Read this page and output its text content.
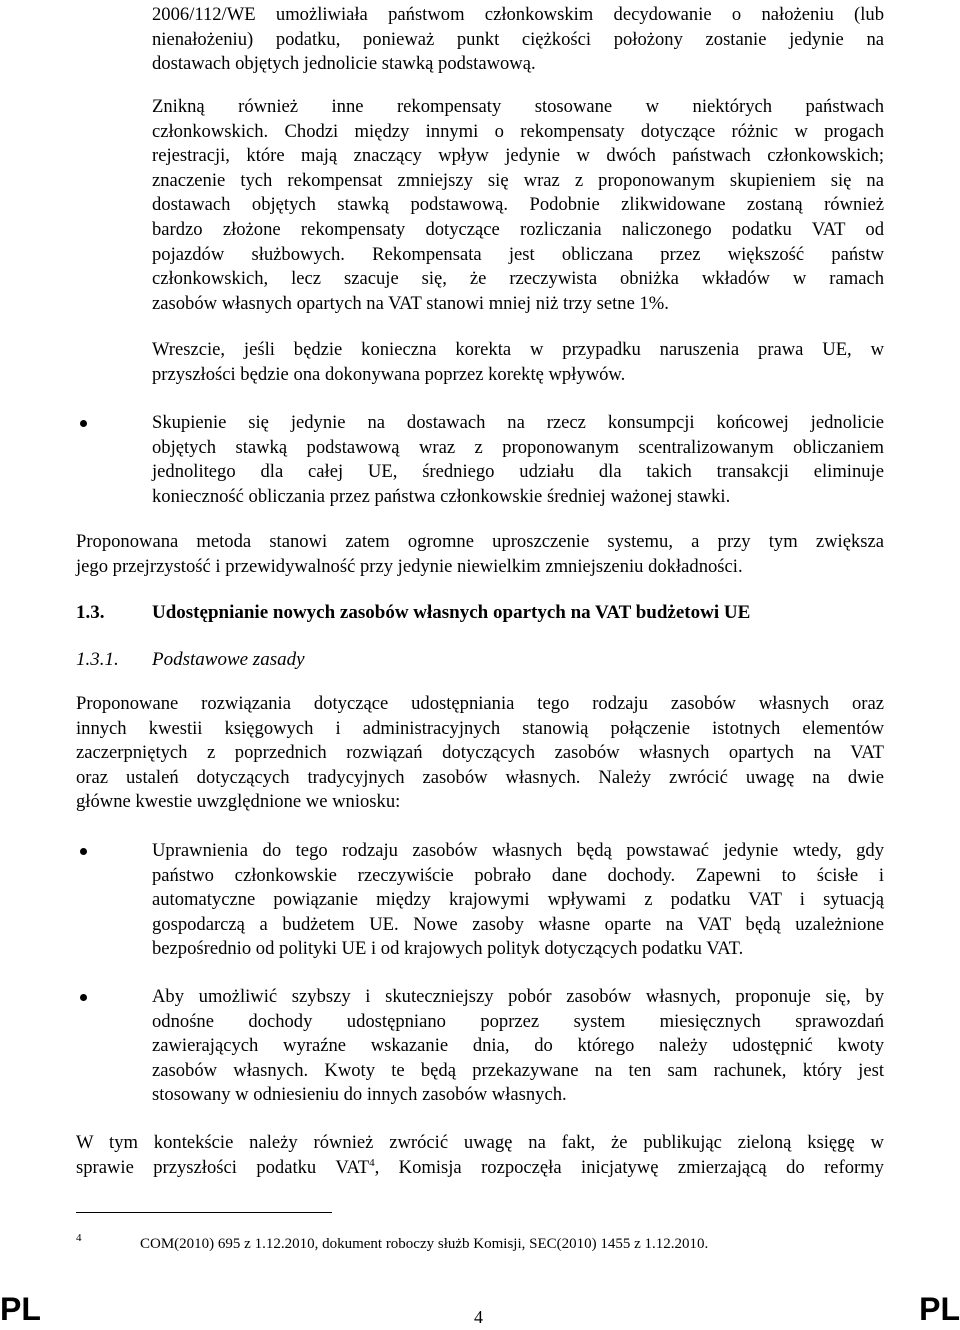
2006/112/WE umożliwiała państwom członkowskim decydowanie o nałożeniu (lub
nienałożeniu) podatku, ponieważ punkt ciężkości położony zostanie jedynie na
dostawach objętych jednolicie stawką podstawową.
Znikną również inne rekompensaty stosowane w niektórych państwach
członkowskich. Chodzi między innymi o rekompensaty dotyczące różnic w progach
rejestracji, które mają znaczący wpływ jedynie w dwóch państwach członkowskich;
znaczenie tych rekompensat zmniejszy się wraz z proponowanym skupieniem się na
dostawach objętych stawką podstawową. Podobnie zlikwidowane zostaną również
bardzo złożone rekompensaty dotyczące rozliczania naliczonego podatku VAT od
pojazdów służbowych. Rekompensata jest obliczana przez większość państw
członkowskich, lecz szacuje się, że rzeczywista obniżka wkładów w ramach
zasobów własnych opartych na VAT stanowi mniej niż trzy setne 1%.
Wreszcie, jeśli będzie konieczna korekta w przypadku naruszenia prawa UE, w
przyszłości będzie ona dokonywana poprzez korektę wpływów.
Skupienie się jedynie na dostawach na rzecz konsumpcji końcowej jednolicie
objętych stawką podstawową wraz z proponowanym scentralizowanym obliczaniem
jednolitego dla całej UE, średniego udziału dla takich transakcji eliminuje
konieczność obliczania przez państwa członkowskie średniej ważonej stawki.
Proponowana metoda stanowi zatem ogromne uproszczenie systemu, a przy tym zwiększa
jego przejrzystość i przewidywalność przy jedynie niewielkim zmniejszeniu dokładności.
1.3.	Udostępnianie nowych zasobów własnych opartych na VAT budżetowi UE
1.3.1. Podstawowe zasady
Proponowane rozwiązania dotyczące udostępniania tego rodzaju zasobów własnych oraz
innych kwestii księgowych i administracyjnych stanowią połączenie istotnych elementów
zaczerpniętych z poprzednich rozwiązań dotyczących zasobów własnych opartych na VAT
oraz ustaleń dotyczących tradycyjnych zasobów własnych. Należy zwrócić uwagę na dwie
główne kwestie uwzględnione we wniosku:
Uprawnienia do tego rodzaju zasobów własnych będą powstawać jedynie wtedy, gdy
państwo członkowskie rzeczywiście pobrało dane dochody. Zapewni to ścisłe i
automatyczne powiązanie między krajowymi wpływami z podatku VAT i sytuacją
gospodarczą a budżetem UE. Nowe zasoby własne oparte na VAT będą uzależnione
bezpośrednio od polityki UE i od krajowych polityk dotyczących podatku VAT.
Aby umożliwić szybszy i skuteczniejszy pobór zasobów własnych, proponuje się, by
odnośne dochody udostępniano poprzez system miesięcznych sprawozdań
zawierających wyraźne wskazanie dnia, do którego należy udostępnić kwoty
zasobów własnych. Kwoty te będą przekazywane na ten sam rachunek, który jest
stosowany w odniesieniu do innych zasobów własnych.
W tym kontekście należy również zwrócić uwagę na fakt, że publikując zieloną księgę w
sprawie przyszłości podatku VAT$^4$, Komisja rozpoczęła inicjatywę zmierzającą do reformy
4	COM(2010) 695 z 1.12.2010, dokument roboczy służb Komisji, SEC(2010) 1455 z 1.12.2010.
PL	4	PL
